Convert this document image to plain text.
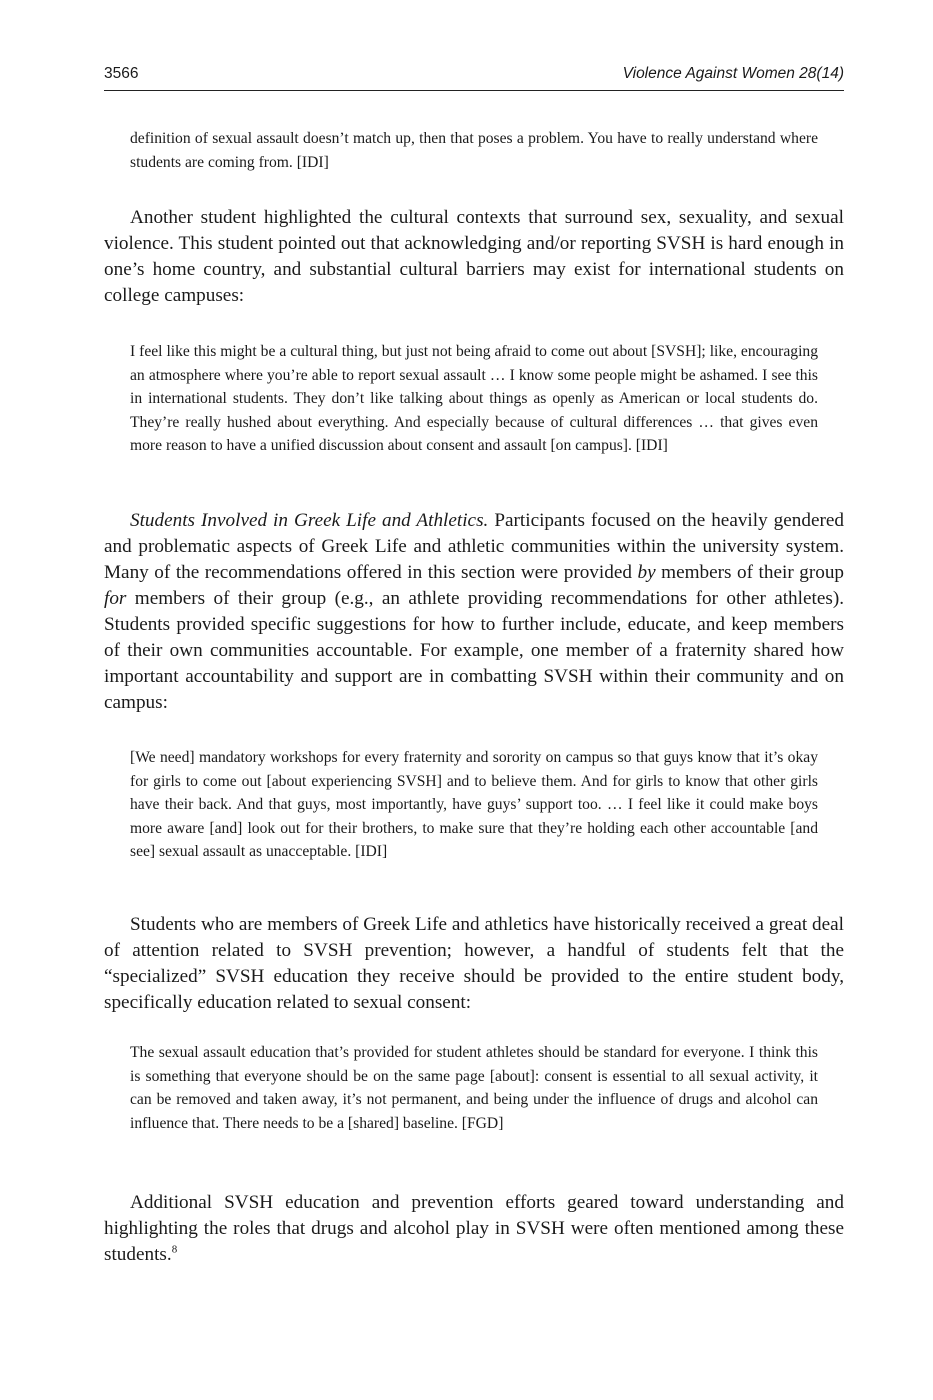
3566	Violence Against Women 28(14)

definition of sexual assault doesn’t match up, then that poses a problem. You have to really understand where students are coming from. [IDI]

Another student highlighted the cultural contexts that surround sex, sexuality, and sexual violence. This student pointed out that acknowledging and/or reporting SVSH is hard enough in one’s home country, and substantial cultural barriers may exist for international students on college campuses:

I feel like this might be a cultural thing, but just not being afraid to come out about [SVSH]; like, encouraging an atmosphere where you’re able to report sexual assault … I know some people might be ashamed. I see this in international students. They don’t like talking about things as openly as American or local students do. They’re really hushed about everything. And especially because of cultural differences … that gives even more reason to have a unified discussion about consent and assault [on campus]. [IDI]

Students Involved in Greek Life and Athletics. Participants focused on the heavily gendered and problematic aspects of Greek Life and athletic communities within the university system. Many of the recommendations offered in this section were provided by members of their group for members of their group (e.g., an athlete providing recommendations for other athletes). Students provided specific suggestions for how to further include, educate, and keep members of their own communities accountable. For example, one member of a fraternity shared how important accountability and support are in combatting SVSH within their community and on campus:

[We need] mandatory workshops for every fraternity and sorority on campus so that guys know that it’s okay for girls to come out [about experiencing SVSH] and to believe them. And for girls to know that other girls have their back. And that guys, most importantly, have guys’ support too. … I feel like it could make boys more aware [and] look out for their brothers, to make sure that they’re holding each other accountable [and see] sexual assault as unacceptable. [IDI]

Students who are members of Greek Life and athletics have historically received a great deal of attention related to SVSH prevention; however, a handful of students felt that the “specialized” SVSH education they receive should be provided to the entire student body, specifically education related to sexual consent:

The sexual assault education that’s provided for student athletes should be standard for everyone. I think this is something that everyone should be on the same page [about]: consent is essential to all sexual activity, it can be removed and taken away, it’s not permanent, and being under the influence of drugs and alcohol can influence that. There needs to be a [shared] baseline. [FGD]

Additional SVSH education and prevention efforts geared toward understanding and highlighting the roles that drugs and alcohol play in SVSH were often mentioned among these students.$^8$
